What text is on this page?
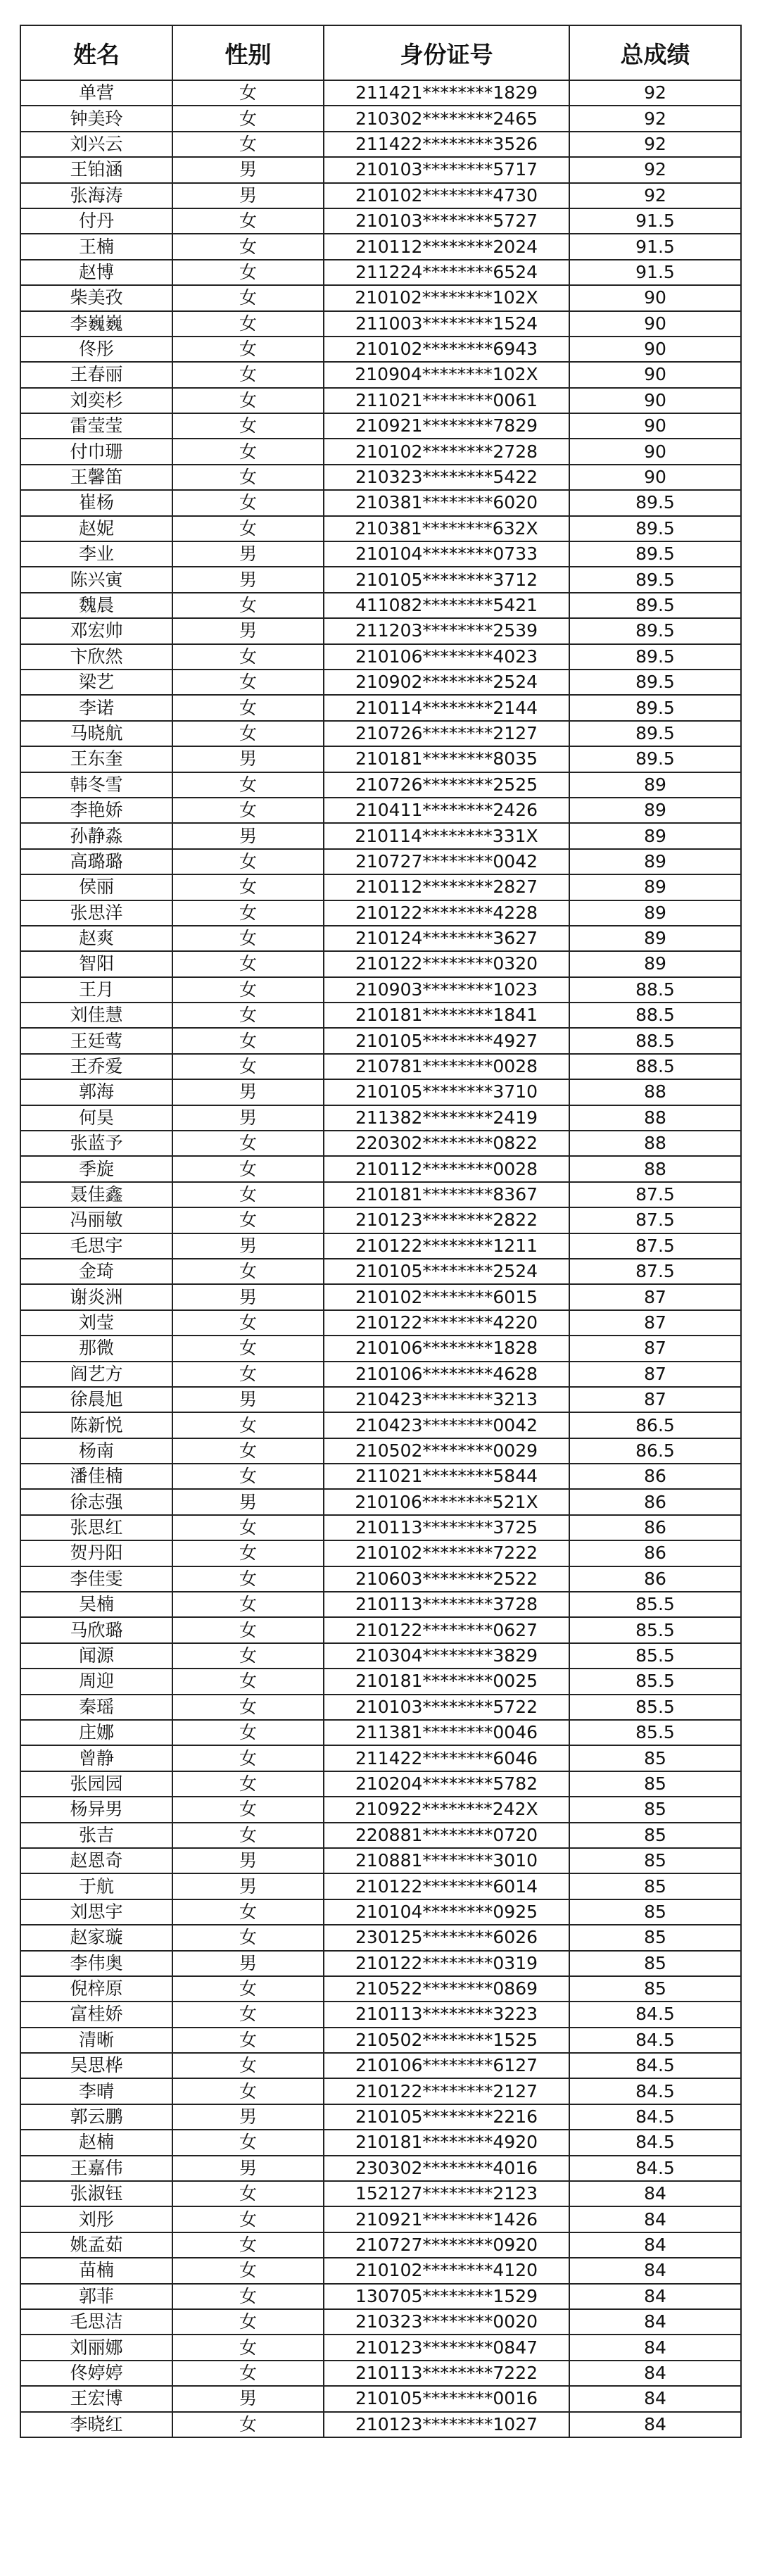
姓名	性别	身份证号	总成绩
单营	女	211421********1829	92
钟美玲	女	210302********2465	92
刘兴云	女	211422********3526	92
王铂涵	男	210103********5717	92
张海涛	男	210102********4730	92
付丹	女	210103********5727	91.5
王楠	女	210112********2024	91.5
赵博	女	211224********6524	91.5
柴美孜	女	210102********102X	90
李巍巍	女	211003********1524	90
佟彤	女	210102********6943	90
王春丽	女	210904********102X	90
刘奕杉	女	211021********0061	90
雷莹莹	女	210921********7829	90
付巾珊	女	210102********2728	90
王馨笛	女	210323********5422	90
崔杨	女	210381********6020	89.5
赵妮	女	210381********632X	89.5
李业	男	210104********0733	89.5
陈兴寅	男	210105********3712	89.5
魏晨	女	411082********5421	89.5
邓宏帅	男	211203********2539	89.5
卞欣然	女	210106********4023	89.5
梁艺	女	210902********2524	89.5
李诺	女	210114********2144	89.5
马晓航	女	210726********2127	89.5
王东奎	男	210181********8035	89.5
韩冬雪	女	210726********2525	89
李艳娇	女	210411********2426	89
孙静淼	男	210114********331X	89
高璐璐	女	210727********0042	89
侯丽	女	210112********2827	89
张思洋	女	210122********4228	89
赵爽	女	210124********3627	89
智阳	女	210122********0320	89
王月	女	210903********1023	88.5
刘佳慧	女	210181********1841	88.5
王廷莺	女	210105********4927	88.5
王乔爱	女	210781********0028	88.5
郭海	男	210105********3710	88
何昊	男	211382********2419	88
张蓝予	女	220302********0822	88
季旋	女	210112********0028	88
聂佳鑫	女	210181********8367	87.5
冯丽敏	女	210123********2822	87.5
毛思宇	男	210122********1211	87.5
金琦	女	210105********2524	87.5
谢炎洲	男	210102********6015	87
刘莹	女	210122********4220	87
那微	女	210106********1828	87
阎艺方	女	210106********4628	87
徐晨旭	男	210423********3213	87
陈新悦	女	210423********0042	86.5
杨南	女	210502********0029	86.5
潘佳楠	女	211021********5844	86
徐志强	男	210106********521X	86
张思红	女	210113********3725	86
贺丹阳	女	210102********7222	86
李佳雯	女	210603********2522	86
吴楠	女	210113********3728	85.5
马欣璐	女	210122********0627	85.5
闻源	女	210304********3829	85.5
周迎	女	210181********0025	85.5
秦瑶	女	210103********5722	85.5
庄娜	女	211381********0046	85.5
曾静	女	211422********6046	85
张园园	女	210204********5782	85
杨异男	女	210922********242X	85
张吉	女	220881********0720	85
赵恩奇	男	210881********3010	85
于航	男	210122********6014	85
刘思宇	女	210104********0925	85
赵家璇	女	230125********6026	85
李伟奥	男	210122********0319	85
倪梓原	女	210522********0869	85
富桂娇	女	210113********3223	84.5
清晰	女	210502********1525	84.5
吴思桦	女	210106********6127	84.5
李晴	女	210122********2127	84.5
郭云鹏	男	210105********2216	84.5
赵楠	女	210181********4920	84.5
王嘉伟	男	230302********4016	84.5
张淑钰	女	152127********2123	84
刘彤	女	210921********1426	84
姚孟茹	女	210727********0920	84
苗楠	女	210102********4120	84
郭菲	女	130705********1529	84
毛思洁	女	210323********0020	84
刘丽娜	女	210123********0847	84
佟婷婷	女	210113********7222	84
王宏博	男	210105********0016	84
李晓红	女	210123********1027	84
